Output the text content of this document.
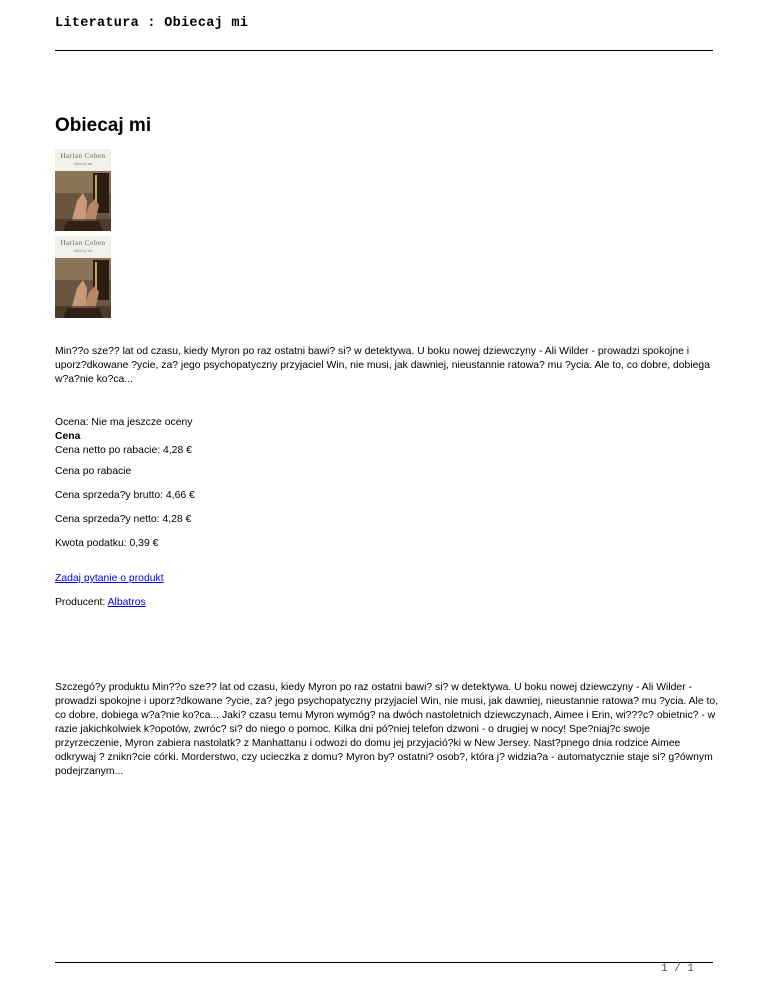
Literatura : Obiecaj mi
Obiecaj mi
Harlan Coben
obiecaj mi
Harlan Coben
obiecaj mi
Min??o sze?? lat od czasu, kiedy Myron po raz ostatni bawi? si? w detektywa. U boku nowej dziewczyny - Ali Wilder - prowadzi spokojne i uporz?dkowane ?ycie, za? jego psychopatyczny przyjaciel Win, nie musi, jak dawniej, nieustannie ratowa? mu ?ycia. Ale to, co dobre, dobiega w?a?nie ko?ca...
Ocena: Nie ma jeszcze oceny
Cena
Cena netto po rabacie: 4,28 €
Cena po rabacie
Cena sprzeda?y brutto: 4,66 €
Cena sprzeda?y netto: 4,28 €
Kwota podatku: 0,39 €
Zadaj pytanie o produkt
Producent: Albatros
Szczegó?y produktu Min??o sze?? lat od czasu, kiedy Myron po raz ostatni bawi? si? w detektywa. U boku nowej dziewczyny - Ali Wilder - prowadzi spokojne i uporz?dkowane ?ycie, za? jego psychopatyczny przyjaciel Win, nie musi, jak dawniej, nieustannie ratowa? mu ?ycia. Ale to, co dobre, dobiega w?a?nie ko?ca... Jaki? czasu temu Myron wymóg? na dwóch nastoletnich dziewczynach, Aimee i Erin, wi???c? obietnic? - w razie jakichkolwiek k?opotów, zwróc? si? do niego o pomoc. Kilka dni pó?niej telefon dzwoni - o drugiej w nocy! Spe?niaj?c swoje przyrzeczenie, Myron zabiera nastolatk? z Manhattanu i odwozi do domu jej przyjació?ki w New Jersey. Nast?pnego dnia rodzice Aimee odkrywaj ? znikn?cie córki. Morderstwo, czy ucieczka z domu? Myron by? ostatni? osob?, która j? widzia?a - automatycznie staje si? g?ównym podejrzanym...
1 / 1
